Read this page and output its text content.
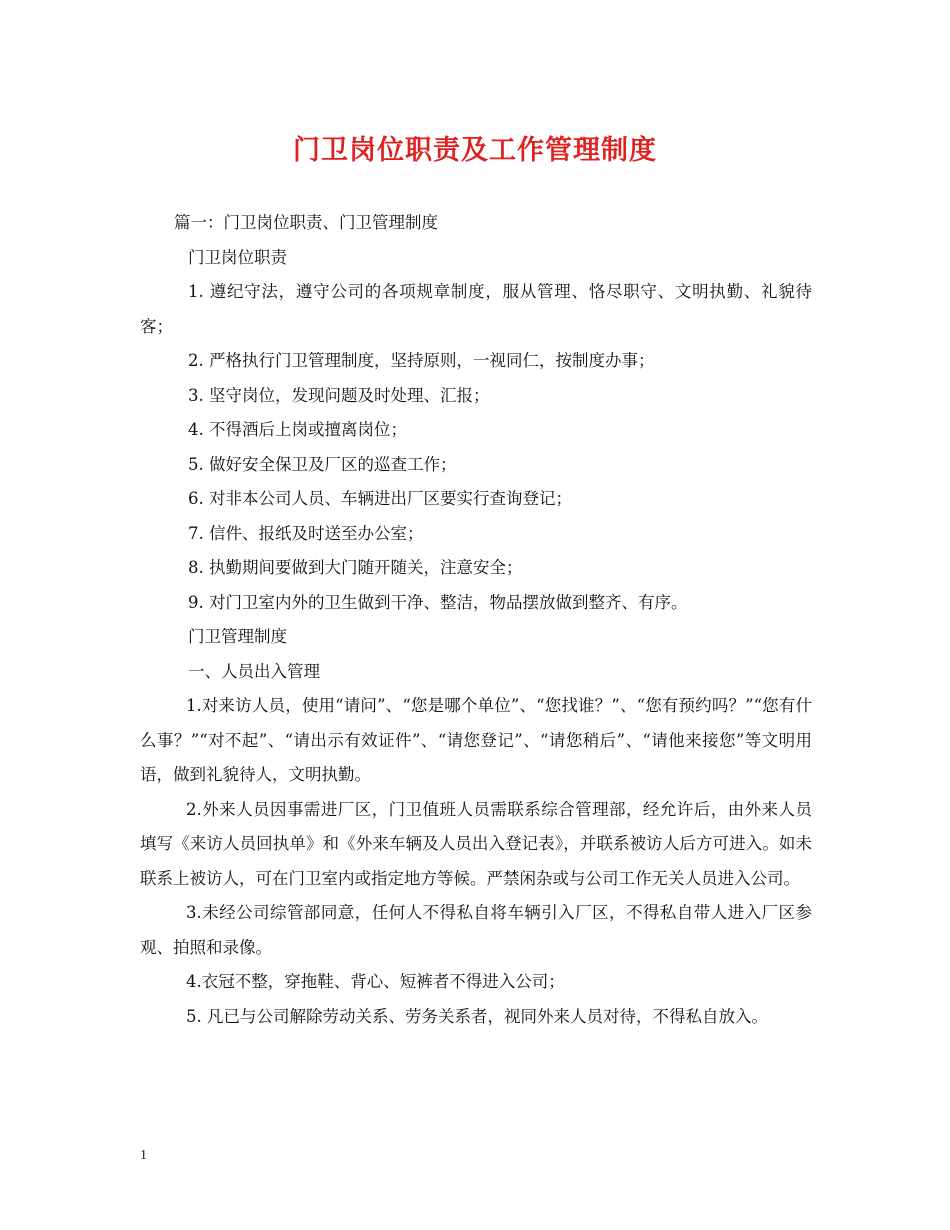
门卫岗位职责及工作管理制度

篇一：门卫岗位职责、门卫管理制度

门卫岗位职责

1. 遵纪守法，遵守公司的各项规章制度，服从管理、恪尽职守、文明执勤、礼貌待客；

2. 严格执行门卫管理制度，坚持原则，一视同仁，按制度办事；

3. 坚守岗位，发现问题及时处理、汇报；

4. 不得酒后上岗或擅离岗位；

5. 做好安全保卫及厂区的巡查工作；

6. 对非本公司人员、车辆进出厂区要实行查询登记；

7. 信件、报纸及时送至办公室；

8. 执勤期间要做到大门随开随关，注意安全；

9. 对门卫室内外的卫生做到干净、整洁，物品摆放做到整齐、有序。

门卫管理制度

一、人员出入管理

1.对来访人员，使用“请问”、“您是哪个单位”、“您找谁？”、“您有预约吗？”“您有什么事？”“对不起”、“请出示有效证件”、“请您登记”、“请您稍后”、“请他来接您”等文明用语，做到礼貌待人，文明执勤。

2.外来人员因事需进厂区，门卫值班人员需联系综合管理部，经允许后，由外来人员填写《来访人员回执单》和《外来车辆及人员出入登记表》，并联系被访人后方可进入。如未联系上被访人，可在门卫室内或指定地方等候。严禁闲杂或与公司工作无关人员进入公司。

3.未经公司综管部同意，任何人不得私自将车辆引入厂区，不得私自带人进入厂区参观、拍照和录像。

4.衣冠不整，穿拖鞋、背心、短裤者不得进入公司；

5. 凡已与公司解除劳动关系、劳务关系者，视同外来人员对待，不得私自放入。

1
